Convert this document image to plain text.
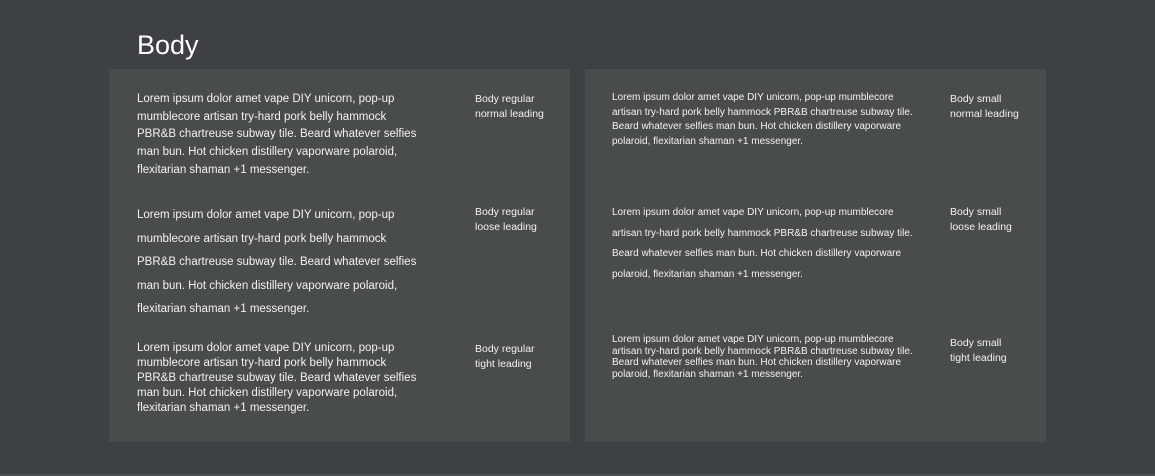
Body

Lorem ipsum dolor amet vape DIY unicorn, pop-up mumblecore artisan try-hard pork belly hammock PBR&B chartreuse subway tile. Beard whatever selfies man bun. Hot chicken distillery vaporware polaroid, flexitarian shaman +1 messenger.

Body regular
normal leading

Lorem ipsum dolor amet vape DIY unicorn, pop-up mumblecore artisan try-hard pork belly hammock PBR&B chartreuse subway tile. Beard whatever selfies man bun. Hot chicken distillery vaporware polaroid, flexitarian shaman +1 messenger.

Body regular
loose leading

Lorem ipsum dolor amet vape DIY unicorn, pop-up mumblecore artisan try-hard pork belly hammock PBR&B chartreuse subway tile. Beard whatever selfies man bun. Hot chicken distillery vaporware polaroid, flexitarian shaman +1 messenger.

Body regular
tight leading

Lorem ipsum dolor amet vape DIY unicorn, pop-up mumblecore artisan try-hard pork belly hammock PBR&B chartreuse subway tile. Beard whatever selfies man bun. Hot chicken distillery vaporware polaroid, flexitarian shaman +1 messenger.

Body small
normal leading

Lorem ipsum dolor amet vape DIY unicorn, pop-up mumblecore artisan try-hard pork belly hammock PBR&B chartreuse subway tile. Beard whatever selfies man bun. Hot chicken distillery vaporware polaroid, flexitarian shaman +1 messenger.

Body small
loose leading

Lorem ipsum dolor amet vape DIY unicorn, pop-up mumblecore artisan try-hard pork belly hammock PBR&B chartreuse subway tile. Beard whatever selfies man bun. Hot chicken distillery vaporware polaroid, flexitarian shaman +1 messenger.

Body small
tight leading
